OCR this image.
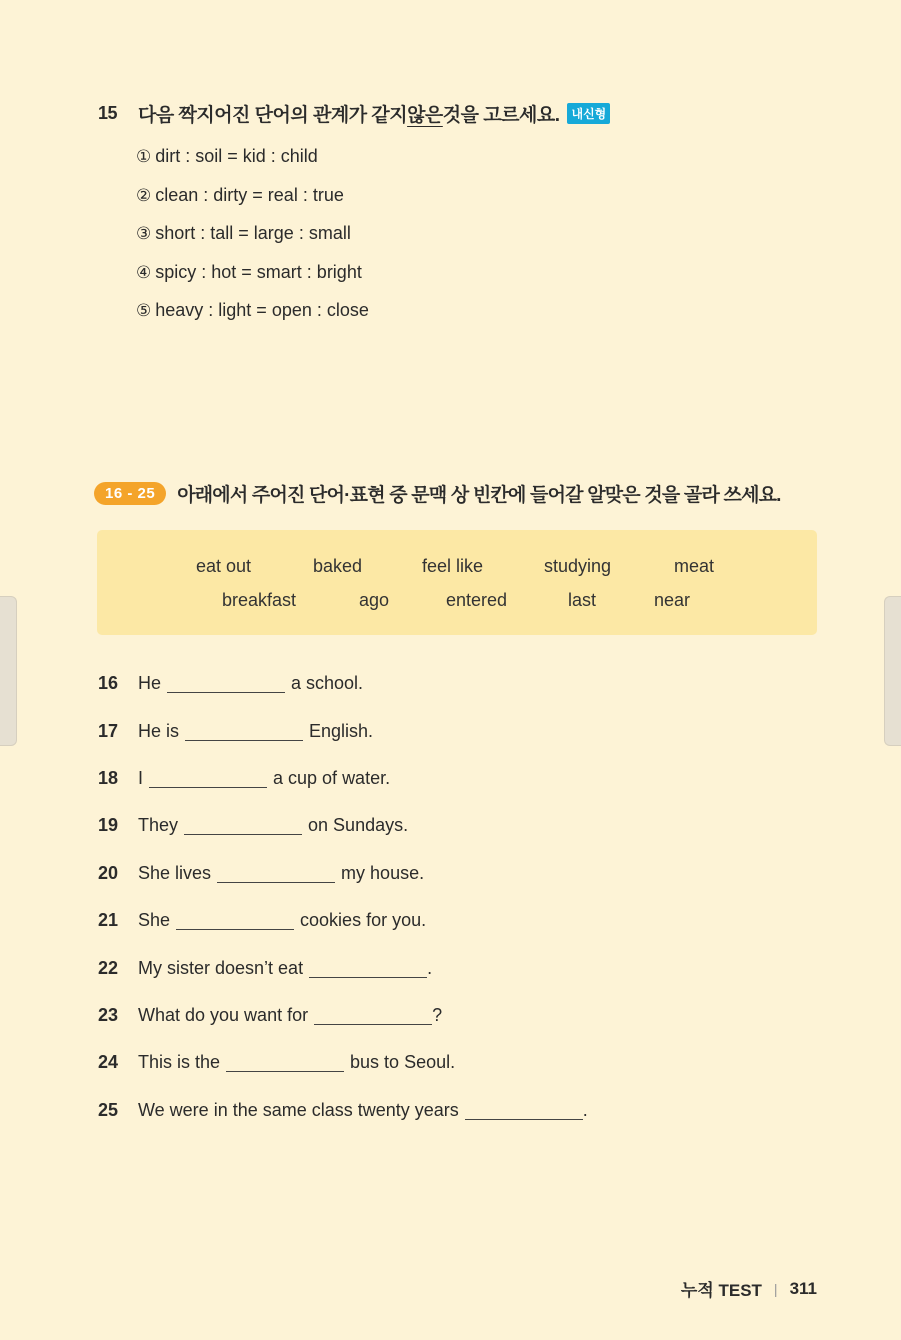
15	다음 짝지어진 단어의 관계가 같지 않은 것을 고르세요.	내신형
① dirt : soil = kid : child
② clean : dirty = real : true
③ short : tall = large : small
④ spicy : hot = smart : bright
⑤ heavy : light = open : close
16 - 25	아래에서 주어진 단어·표현 중 문맥 상 빈칸에 들어갈 알맞은 것을 골라 쓰세요.
eat out	baked	feel like	studying	meat
breakfast	ago	entered	last	near
16	He	a school.
17	He is	English.
18	I	a cup of water.
19	They	on Sundays.
20	She lives	my house.
21	She	cookies for you.
22	My sister doesn’t eat	.
23	What do you want for	?
24	This is the	bus to Seoul.
25	We were in the same class twenty years	.
누적 TEST | 311
